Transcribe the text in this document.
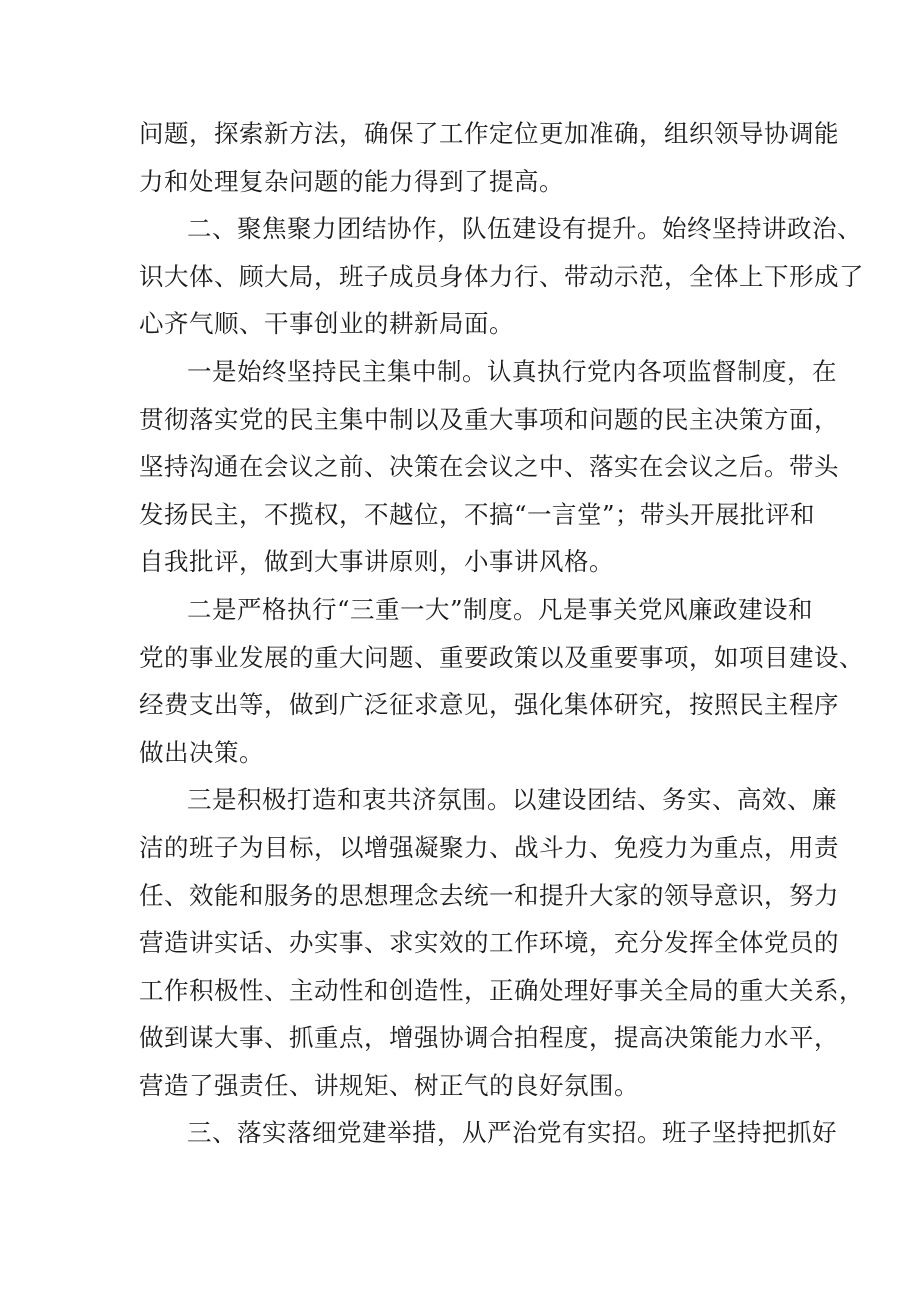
问题，探索新方法，确保了工作定位更加准确，组织领导协调能
力和处理复杂问题的能力得到了提高。

二、聚焦聚力团结协作，队伍建设有提升。始终坚持讲政治、
识大体、顾大局，班子成员身体力行、带动示范，全体上下形成了
心齐气顺、干事创业的耕新局面。

一是始终坚持民主集中制。认真执行党内各项监督制度，在
贯彻落实党的民主集中制以及重大事项和问题的民主决策方面，
坚持沟通在会议之前、决策在会议之中、落实在会议之后。带头
发扬民主，不揽权，不越位，不搞“一言堂”；带头开展批评和
自我批评，做到大事讲原则，小事讲风格。

二是严格执行“三重一大”制度。凡是事关党风廉政建设和
党的事业发展的重大问题、重要政策以及重要事项，如项目建设、
经费支出等，做到广泛征求意见，强化集体研究，按照民主程序
做出决策。

三是积极打造和衷共济氛围。以建设团结、务实、高效、廉
洁的班子为目标，以增强凝聚力、战斗力、免疫力为重点，用责
任、效能和服务的思想理念去统一和提升大家的领导意识，努力
营造讲实话、办实事、求实效的工作环境，充分发挥全体党员的
工作积极性、主动性和创造性，正确处理好事关全局的重大关系，
做到谋大事、抓重点，增强协调合拍程度，提高决策能力水平，
营造了强责任、讲规矩、树正气的良好氛围。

三、落实落细党建举措，从严治党有实招。班子坚持把抓好
